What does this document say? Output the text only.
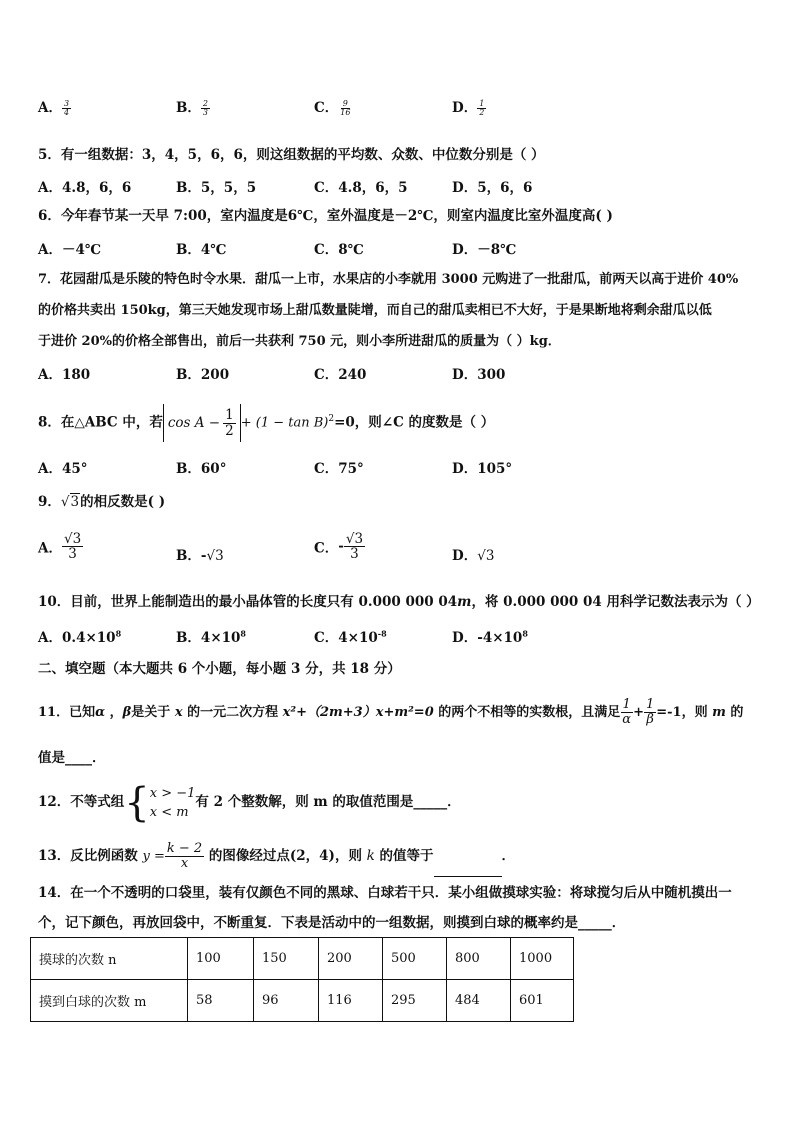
A． $\frac{3}{4}$	B． $\frac{2}{3}$	C． $\frac{9}{16}$	D． $\frac{1}{2}$
5．有一组数据：3，4，5，6，6，则这组数据的平均数、众数、中位数分别是（ ）
A．4.8，6，6	B．5，5，5	C．4.8，6，5	D．5，6，6
6．今年春节某一天早 7:00，室内温度是6℃，室外温度是－2℃，则室内温度比室外温度高( )
A．－4℃	B．4℃	C．8℃	D．－8℃
7．花园甜瓜是乐陵的特色时令水果．甜瓜一上市，水果店的小李就用 3000 元购进了一批甜瓜，前两天以高于进价 40%
的价格共卖出 150kg，第三天她发现市场上甜瓜数量陡增，而自己的甜瓜卖相已不大好，于是果断地将剩余甜瓜以低
于进价 20%的价格全部售出，前后一共获利 750 元，则小李所进甜瓜的质量为（ ）kg．
A．180	B．200	C．240	D．300
8．在△ABC 中，若 $\cos A - \frac{1}{2} + (1 - \tan B)^2=0$，则∠C 的度数是（ ）
A．45°	B．60°	C．75°	D．105°
9．√3的相反数是( )
A． $\frac{√3}{3}$	B．-√3	C．- $\frac{√3}{3}$	D．√3
10．目前，世界上能制造出的最小晶体管的长度只有 0.000 000 04m，将 0.000 000 04 用科学记数法表示为（ ）
A．$0.4\times 10^8$	B．$4\times 10^8$	C．$4\times 10^{-8}$	D．$-4\times 10^8$
二、填空题（本大题共 6 个小题，每小题 3 分，共 18 分）
11．已知α ，β是关于 x 的一元二次方程 x²+（2m+3）x+m²=0 的两个不相等的实数根，且满足 $\frac{1}{\alpha} + \frac{1}{\beta} =-1$，则 m 的
值是____．
12．不等式组 { x > −1
x < m
有 2 个整数解，则 m 的取值范围是_____．
13．反比例函数 $y = \frac{k - 2}{x}$ 的图像经过点(2，4)，则 k 的值等于	．
14．在一个不透明的口袋里，装有仅颜色不同的黑球、白球若干只．某小组做摸球实验：将球搅匀后从中随机摸出一
个，记下颜色，再放回袋中，不断重复．下表是活动中的一组数据，则摸到白球的概率约是_____．
摸球的次数 n	100	150	200	500	800	1000
摸到白球的次数 m	58	96	116	295	484	601
